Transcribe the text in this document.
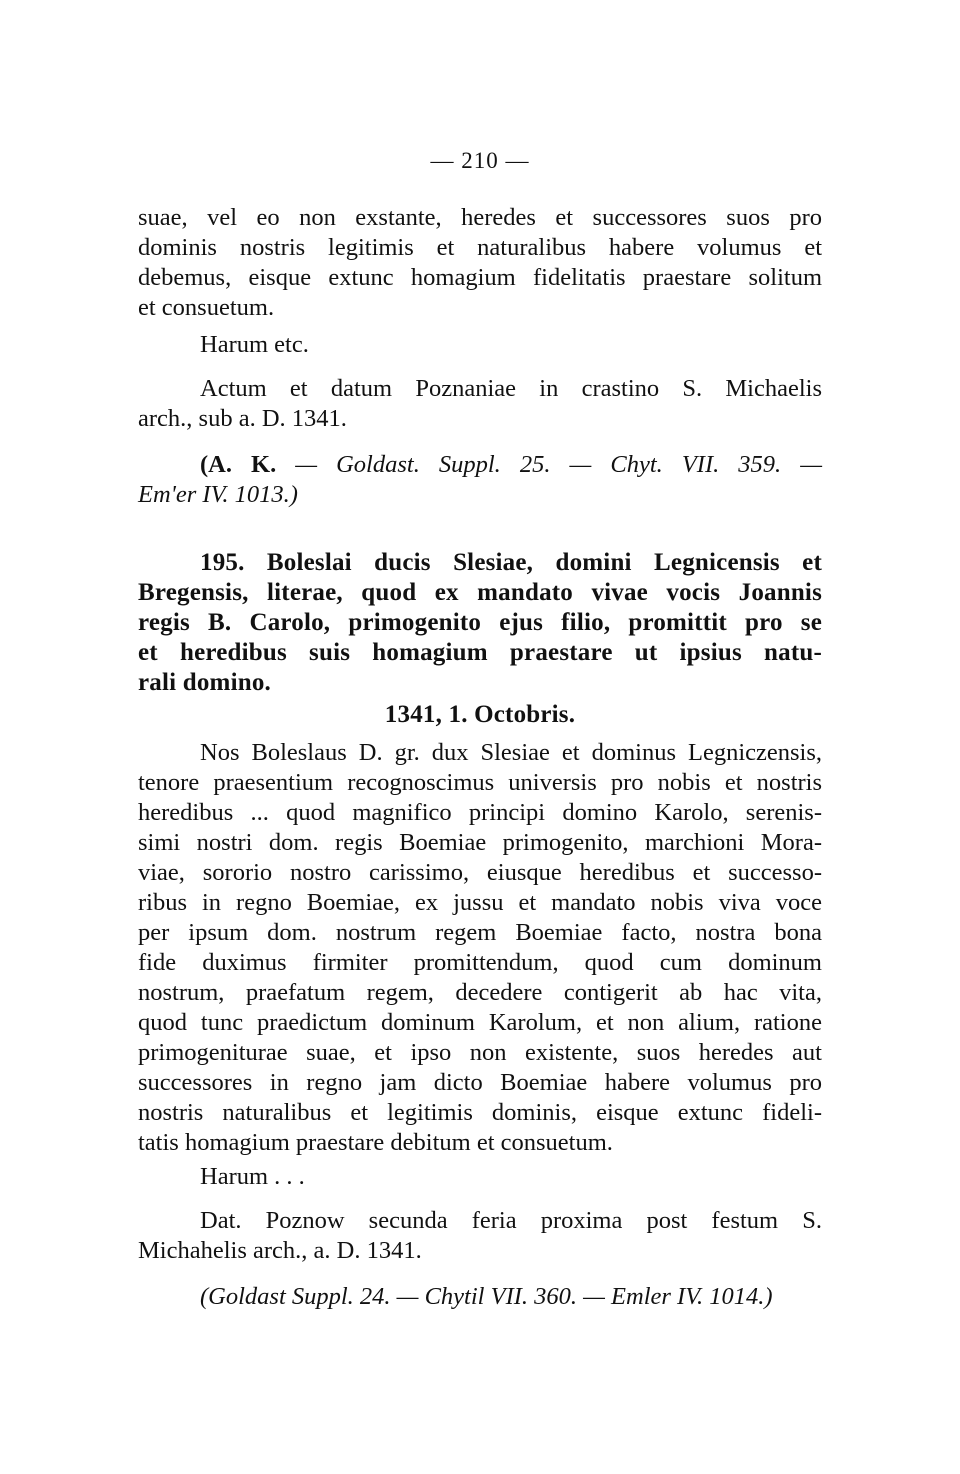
— 210 —
suae, vel eo non exstante, heredes et successores suos pro
dominis nostris legitimis et naturalibus habere volumus et
debemus, eisque extunc homagium fidelitatis praestare solitum
et consuetum.
Harum etc.
Actum et datum Poznaniae in crastino S. Michaelis
arch., sub a. D. 1341.
(A. K. — Goldast. Suppl. 25. — Chyt. VII. 359. —
Em'er IV. 1013.)
195. Boleslai ducis Slesiae, domini Legnicensis et
Bregensis, literae, quod ex mandato vivae vocis Joannis
regis B. Carolo, primogenito ejus filio, promittit pro se
et heredibus suis homagium praestare ut ipsius natu-
rali domino.
1341, 1. Octobris.
Nos Boleslaus D. gr. dux Slesiae et dominus Legniczensis,
tenore praesentium recognoscimus universis pro nobis et nostris
heredibus ... quod magnifico principi domino Karolo, serenis-
simi nostri dom. regis Boemiae primogenito, marchioni Mora-
viae, sororio nostro carissimo, eiusque heredibus et successo-
ribus in regno Boemiae, ex jussu et mandato nobis viva voce
per ipsum dom. nostrum regem Boemiae facto, nostra bona
fide duximus firmiter promittendum, quod cum dominum
nostrum, praefatum regem, decedere contigerit ab hac vita,
quod tunc praedictum dominum Karolum, et non alium, ratione
primogeniturae suae, et ipso non existente, suos heredes aut
successores in regno jam dicto Boemiae habere volumus pro
nostris naturalibus et legitimis dominis, eisque extunc fideli-
tatis homagium praestare debitum et consuetum.
Harum . . .
Dat. Poznow secunda feria proxima post festum S.
Michahelis arch., a. D. 1341.
(Goldast Suppl. 24. — Chytil VII. 360. — Emler IV. 1014.)
